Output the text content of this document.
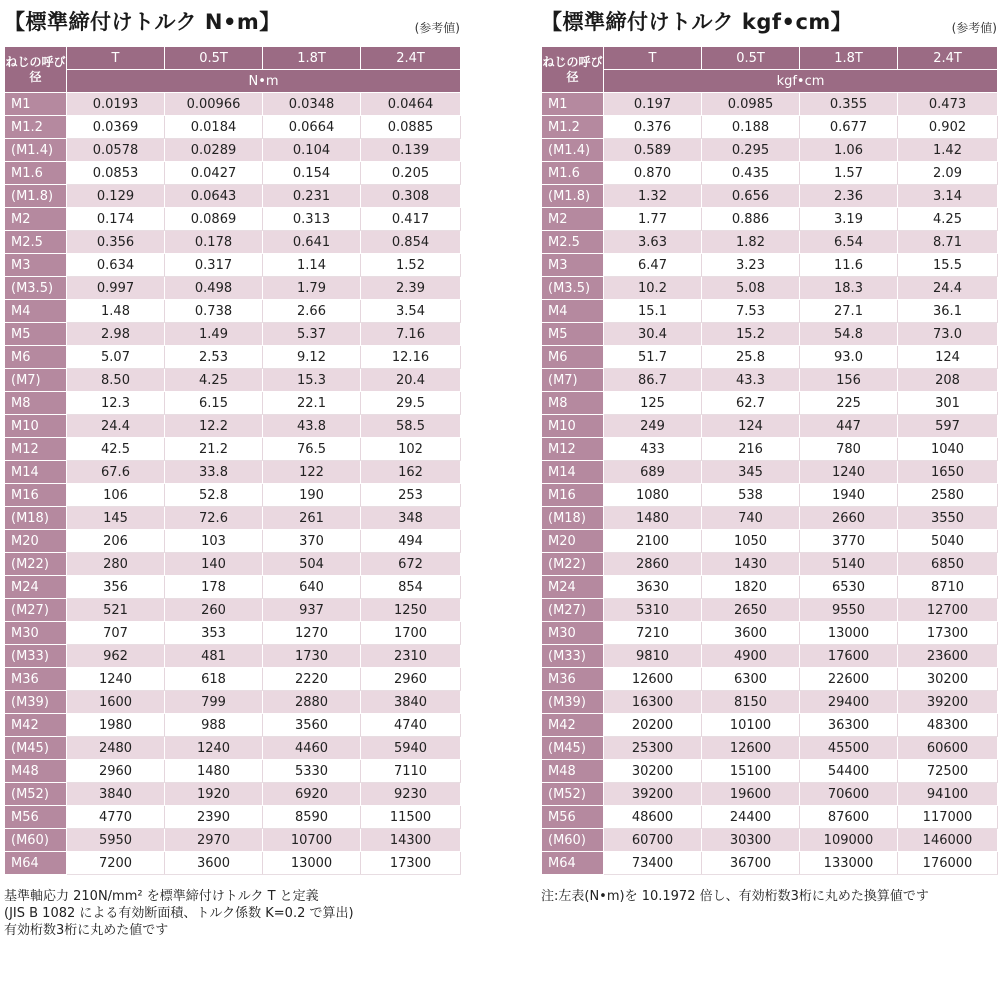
【標準締付けトルク N•m】	(参考値)
ねじの呼び径	T	0.5T	1.8T	2.4T
	N•m			
M1	0.0193	0.00966	0.0348	0.0464
M1.2	0.0369	0.0184	0.0664	0.0885
(M1.4)	0.0578	0.0289	0.104	0.139
M1.6	0.0853	0.0427	0.154	0.205
(M1.8)	0.129	0.0643	0.231	0.308
M2	0.174	0.0869	0.313	0.417
M2.5	0.356	0.178	0.641	0.854
M3	0.634	0.317	1.14	1.52
(M3.5)	0.997	0.498	1.79	2.39
M4	1.48	0.738	2.66	3.54
M5	2.98	1.49	5.37	7.16
M6	5.07	2.53	9.12	12.16
(M7)	8.50	4.25	15.3	20.4
M8	12.3	6.15	22.1	29.5
M10	24.4	12.2	43.8	58.5
M12	42.5	21.2	76.5	102
M14	67.6	33.8	122	162
M16	106	52.8	190	253
(M18)	145	72.6	261	348
M20	206	103	370	494
(M22)	280	140	504	672
M24	356	178	640	854
(M27)	521	260	937	1250
M30	707	353	1270	1700
(M33)	962	481	1730	2310
M36	1240	618	2220	2960
(M39)	1600	799	2880	3840
M42	1980	988	3560	4740
(M45)	2480	1240	4460	5940
M48	2960	1480	5330	7110
(M52)	3840	1920	6920	9230
M56	4770	2390	8590	11500
(M60)	5950	2970	10700	14300
M64	7200	3600	13000	17300
【標準締付けトルク kgf•cm】	(参考値)
ねじの呼び径	T	0.5T	1.8T	2.4T
	kgf•cm			
M1	0.197	0.0985	0.355	0.473
M1.2	0.376	0.188	0.677	0.902
(M1.4)	0.589	0.295	1.06	1.42
M1.6	0.870	0.435	1.57	2.09
(M1.8)	1.32	0.656	2.36	3.14
M2	1.77	0.886	3.19	4.25
M2.5	3.63	1.82	6.54	8.71
M3	6.47	3.23	11.6	15.5
(M3.5)	10.2	5.08	18.3	24.4
M4	15.1	7.53	27.1	36.1
M5	30.4	15.2	54.8	73.0
M6	51.7	25.8	93.0	124
(M7)	86.7	43.3	156	208
M8	125	62.7	225	301
M10	249	124	447	597
M12	433	216	780	1040
M14	689	345	1240	1650
M16	1080	538	1940	2580
(M18)	1480	740	2660	3550
M20	2100	1050	3770	5040
(M22)	2860	1430	5140	6850
M24	3630	1820	6530	8710
(M27)	5310	2650	9550	12700
M30	7210	3600	13000	17300
(M33)	9810	4900	17600	23600
M36	12600	6300	22600	30200
(M39)	16300	8150	29400	39200
M42	20200	10100	36300	48300
(M45)	25300	12600	45500	60600
M48	30200	15100	54400	72500
(M52)	39200	19600	70600	94100
M56	48600	24400	87600	117000
(M60)	60700	30300	109000	146000
M64	73400	36700	133000	176000
基準軸応力 210N/mm² を標準締付けトルク T と定義
(JIS B 1082 による有効断面積、トルク係数 K=0.2 で算出)
有効桁数3桁に丸めた値です
注:左表(N•m)を 10.1972 倍し、有効桁数3桁に丸めた換算値です
